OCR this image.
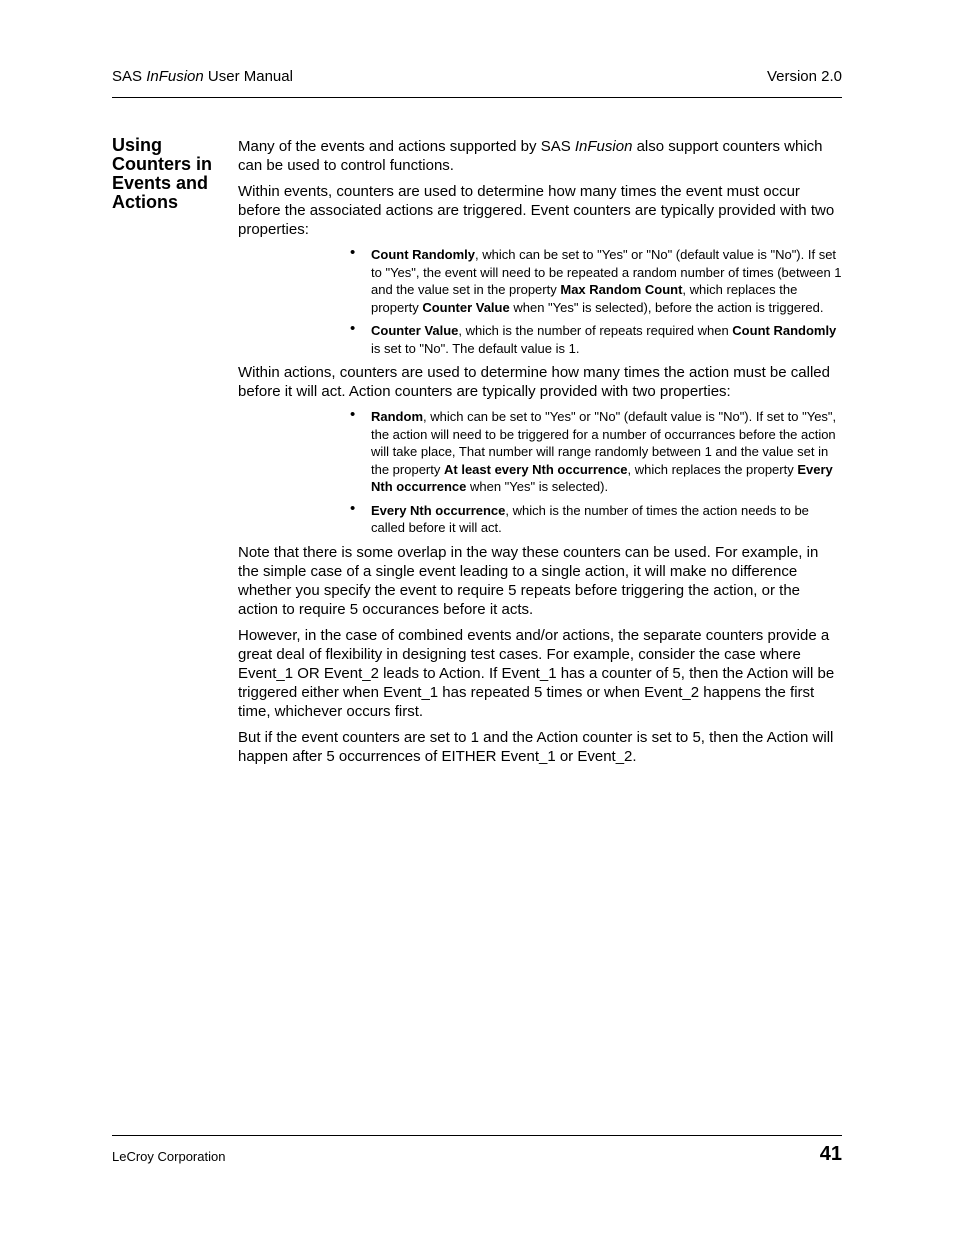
SAS InFusion User Manual	Version 2.0
Using Counters in Events and Actions

Many of the events and actions supported by SAS InFusion also support counters which can be used to control functions.

Within events, counters are used to determine how many times the event must occur before the associated actions are triggered. Event counters are typically provided with two properties:

• Count Randomly, which can be set to "Yes" or "No" (default value is "No"). If set to "Yes", the event will need to be repeated a random number of times (between 1 and the value set in the property Max Random Count, which replaces the property Counter Value when "Yes" is selected), before the action is triggered.
• Counter Value, which is the number of repeats required when Count Randomly is set to "No". The default value is 1.

Within actions, counters are used to determine how many times the action must be called before it will act. Action counters are typically provided with two properties:

• Random, which can be set to "Yes" or "No" (default value is "No"). If set to "Yes", the action will need to be triggered for a number of occurrances before the action will take place, That number will range randomly between 1 and the value set in the property At least every Nth occurrence, which replaces the property Every Nth occurrence when "Yes" is selected).
• Every Nth occurrence, which is the number of times the action needs to be called before it will act.

Note that there is some overlap in the way these counters can be used. For example, in the simple case of a single event leading to a single action, it will make no difference whether you specify the event to require 5 repeats before triggering the action, or the action to require 5 occurances before it acts.

However, in the case of combined events and/or actions, the separate counters provide a great deal of flexibility in designing test cases. For example, consider the case where Event_1 OR Event_2 leads to Action. If Event_1 has a counter of 5, then the Action will be triggered either when Event_1 has repeated 5 times or when Event_2 happens the first time, whichever occurs first.

But if the event counters are set to 1 and the Action counter is set to 5, then the Action will happen after 5 occurrences of EITHER Event_1 or Event_2.

LeCroy Corporation	41
